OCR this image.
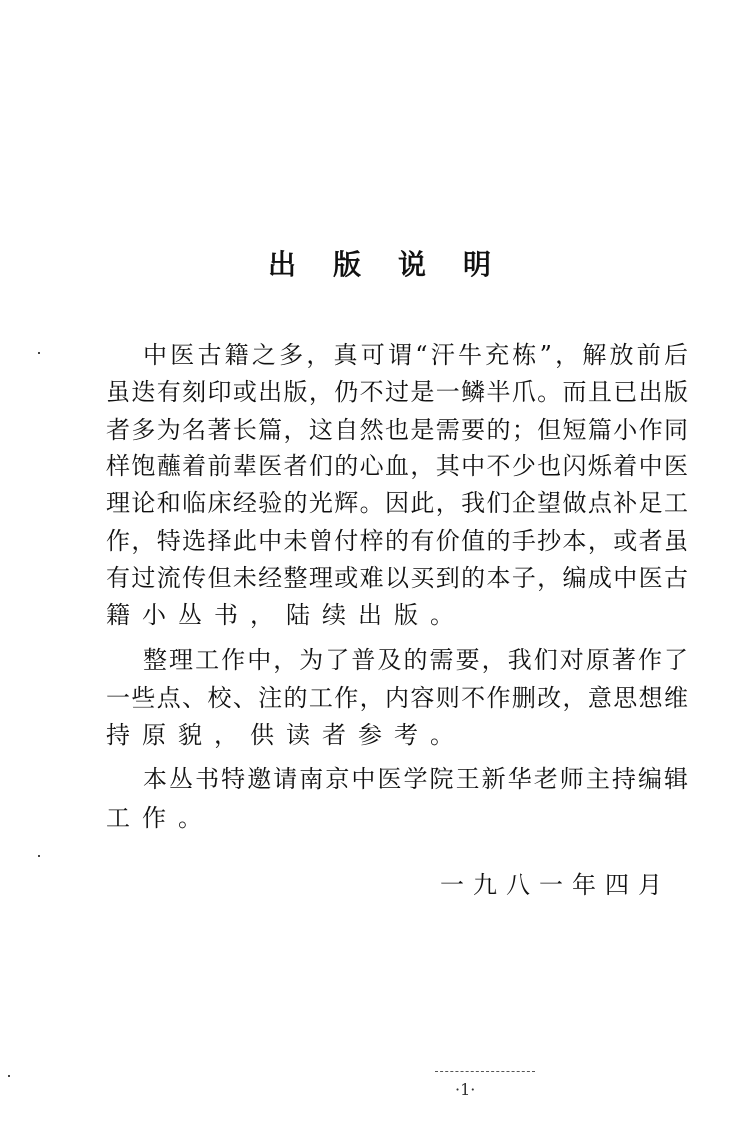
出版说明
中医古籍之多，真可谓“汗牛充栋”，解放前后
虽迭有刻印或出版，仍不过是一鳞半爪。而且已出版
者多为名著长篇，这自然也是需要的；但短篇小作同
样饱蘸着前辈医者们的心血，其中不少也闪烁着中医
理论和临床经验的光辉。因此，我们企望做点补足工
作，特选择此中未曾付梓的有价值的手抄本，或者虽
有过流传但未经整理或难以买到的本子，编成中医古
籍小丛书，陆续出版。
整理工作中，为了普及的需要，我们对原著作了
一些点、校、注的工作，内容则不作删改，意思想维
持原貌，供读者参考。
本丛书特邀请南京中医学院王新华老师主持编辑
工作。
一九八一年四月
·1·
